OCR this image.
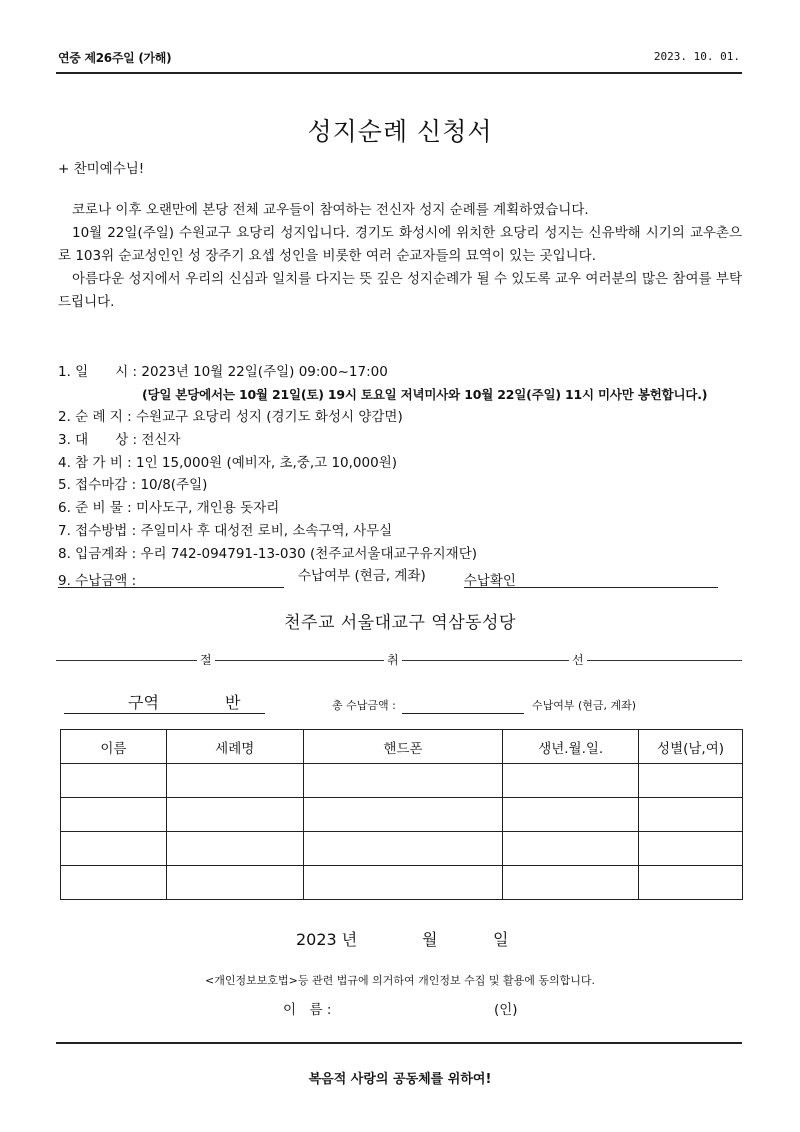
연중 제26주일 (가해)	2023. 10. 01.
성지순례 신청서
+ 찬미예수님!

코로나 이후 오랜만에 본당 전체 교우들이 참여하는 전신자 성지 순례를 계획하였습니다.

10월 22일(주일) 수원교구 요당리 성지입니다. 경기도 화성시에 위치한 요당리 성지는 신유박해 시기의 교우촌으로 103위 순교성인인 성 장주기 요셉 성인을 비롯한 여러 순교자들의 묘역이 있는 곳입니다.

아름다운 성지에서 우리의 신심과 일치를 다지는 뜻 깊은 성지순례가 될 수 있도록 교우 여러분의 많은 참여를 부탁드립니다.

1. 일　　시 : 2023년 10월 22일(주일) 09:00~17:00
(당일 본당에서는 10월 21일(토) 19시 토요일 저녁미사와 10월 22일(주일) 11시 미사만 봉헌합니다.)
2. 순 례 지 : 수원교구 요당리 성지 (경기도 화성시 양감면)
3. 대　　상 : 전신자
4. 참 가 비 : 1인 15,000원 (예비자, 초,중,고 10,000원)
5. 접수마감 : 10/8(주일)
6. 준 비 물 : 미사도구, 개인용 돗자리
7. 접수방법 : 주일미사 후 대성전 로비, 소속구역, 사무실
8. 입금계좌 : 우리 742-094791-13-030 (천주교서울대교구유지재단)
9. 수납금액 :	수납여부 (현금, 계좌)	수납확인
천주교 서울대교구 역삼동성당
절	취	선
구역	반	총 수납금액 :	수납여부 (현금, 계좌)
이름	세례명	핸드폰	생년.월.일.	성별(남,여)

2023 년	월	일
<개인정보보호법>등 관련 법규에 의거하여 개인정보 수집 및 활용에 동의합니다.
이　름 :	(인)
복음적 사랑의 공동체를 위하여!
